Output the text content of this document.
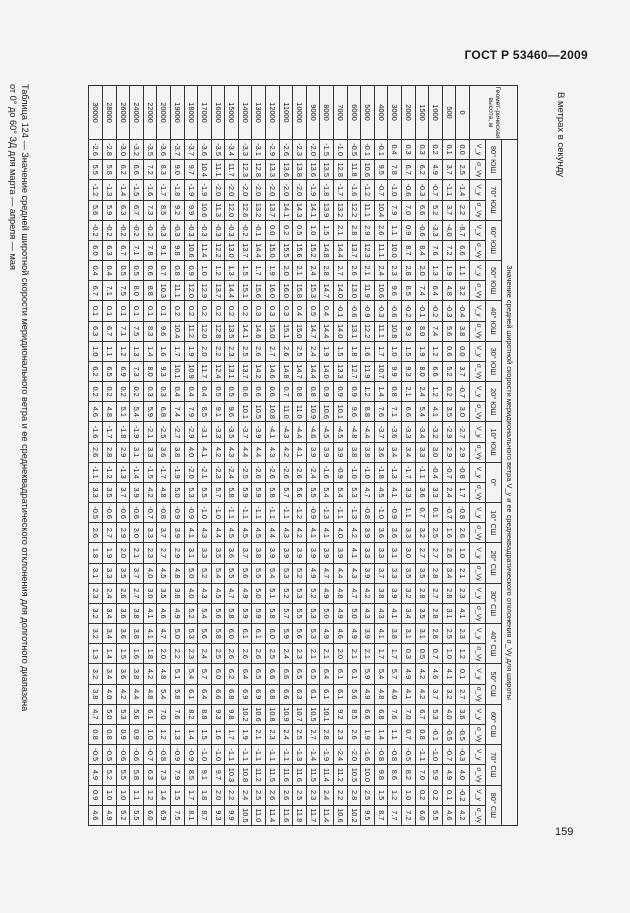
ГОСТ Р 53460—2009
Таблица 124 — Значение средней широтной скорости меридионального ветра и ее среднеквадратического отклонения для долготного диапазона
от 0° до 60° ЗД для марта — апреля — мая	В метрах в секунду
Геомет-рическая высота, м	Значение средней широтной скорости меридионального ветра V_y и ее среднеквадратического отклонения σ_Vy для широты																																	
	80° ЮШ		70° ЮШ		60° ЮШ		50° ЮШ		40° ЮШ		30° ЮШ		20° ЮШ		10° ЮШ		0°		10° СШ		20° СШ		30° СШ		40° СШ		50° СШ		60° СШ		70° СШ		80° СШ	
	V_y	σ_Vy	V_y	σ_Vy	V_y	σ_Vy	V_y	σ_Vy	V_y	σ_Vy	V_y	σ_Vy	V_y	σ_Vy	V_y	σ_Vy	V_y	σ_Vy	V_y	σ_Vy	V_y	σ_Vy	V_y	σ_Vy	V_y	σ_Vy	V_y	σ_Vy	V_y	σ_Vy	V_y	σ_Vy	V_y	σ_Vy
0	0.0	2.5	-1.4	2.2	-8.7	6.6	1.1	3.2	-0.4	3.8	0.0	3.7	-0.7	3.0	-2.7	2.9	-0.8	1.7	-0.8	2.6	1.0	2.1	2.3	4.1	2.3	1.2	0.1	2.7	3.6	-0.5	-0.3	4.0	-0.2	4.2
500	0.1	3.7	-1.1	3.7	-4.0	7.2	1.9	4.8	-0.3	5.6	0.6	5.2	0.2	3.5	-2.9	2.9	-0.7	2.4	-0.7	1.6	2.6	3.4	2.8	3.1	2.5	1.0	4.1	3.2	4.0	-0.5	-0.7	4.9	0.1	4.6
1000	0.2	4.9	-0.7	5.2	-3.3	7.6	1.3	6.4	-0.2	7.4	1.2	6.6	1.2	4.1	-3.2	3.0	-0.4	3.3	0.1	2.5	2.7	2.8	2.7	2.8	2.8	0.7	4.6	3.7	5.3	-0.1	-1.0	5.9	0.2	5.5
1500	0.3	6.2	-0.3	6.6	-0.6	8.4	2.0	7.4	-0.1	8.0	1.9	8.0	2.4	5.4	-3.4	3.3	-1.1	3.6	0.7	3.2	2.7	3.5	2.8	3.5	3.1	0.5	4.2	4.2	6.7	0.8	-1.1	7.0	0.2	6.0
2000	0.3	6.7	-0.6	7.0	0.9	8.7	2.8	8.5	-0.2	9.3	1.5	9.3	2.1	6.6	-3.3	3.4	-1.7	3.3	1.1	3.3	3.0	3.5	3.2	3.4	3.1	0.3	4.9	4.1	7.0	0.7	-0.5	8.2	1.0	7.2
3000	0.4	7.8	-1.0	7.9	1.1	10.0	2.3	9.6	-0.6	10.8	1.0	9.9	0.8	7.1	-3.6	3.4	-1.3	4.1	-0.9	3.6	3.1	3.3	3.9	4.1	3.8	1.7	5.7	4.0	7.6	1.1	-0.8	8.6	1.2	7.7
4000	-0.1	9.5	-0.7	10.4	2.6	11.1	2.4	10.6	-0.3	11.1	1.7	10.7	1.4	7.6	-3.7	3.6	-1.8	4.5	-1.0	3.6	3.3	3.7	3.8	4.3	4.1	1.7	5.4	4.8	6.8	1.4	-0.8	9.8	1.5	8.7
5000	-0.1	10.6	-1.2	11.1	2.9	12.3	2.1	11.9	-0.9	12.2	1.6	11.9	1.2	8.8	-4.4	3.8	-1.0	4.7	-0.8	3.9	3.3	3.9	4.2	4.3	3.9	2.1	5.9	4.9	6.6	1.9	-1.6	10.0	2.5	9.5
6000	-0.5	11.8	-1.6	12.2	2.8	13.7	2.6	13.0	-0.6	13.1	1.8	12.7	0.9	9.6	-4.8	3.8	-1.0	5.3	-1.3	4.2	4.1	4.3	4.7	5.0	4.9	2.1	6.1	5.6	8.5	2.6	-2.0	10.5	2.8	10.2
7000	-1.0	12.8	-1.7	13.2	2.1	14.4	2.7	14.0	-0.1	14.0	1.5	13.3	0.9	10.1	-4.5	3.9	-0.9	5.4	-1.1	4.0	3.9	4.4	4.8	4.9	4.6	2.0	6.1	6.1	9.2	2.3	-2.4	11.2	2.2	10.6
8000	-1.5	13.5	-1.8	13.9	1.5	14.8	2.8	14.7	0.4	14.4	1.9	14.0	0.9	10.6	-4.5	3.9	-1.6	5.4	-1.3	4.1	3.9	4.7	4.9	5.0	4.9	2.1	6.4	6.1	10.1	2.8	-1.9	11.4	2.4	11.4
9000	-2.0	13.6	-1.9	14.1	1.0	15.2	2.4	15.3	0.5	14.7	2.4	14.4	0.8	10.9	-4.6	3.9	-2.4	5.5	-0.9	4.1	3.9	4.9	5.2	5.3	5.3	2.1	6.5	6.1	10.5	2.7	-1.4	11.5	2.3	11.7
10000	-2.3	13.8	-2.0	14.3	0.5	15.6	2.1	15.8	0.4	15.0	2.5	14.7	0.8	11.0	-4.4	4.1	-2.6	5.6	-1.2	4.2	3.9	5.2	5.3	5.5	5.6	2.3	6.5	6.3	10.7	2.5	-1.3	11.6	2.5	11.8
11000	-2.6	13.6	-2.0	14.1	0.2	15.5	2.0	16.0	0.3	15.1	2.6	14.8	0.7	11.0	-4.3	4.2	-2.6	5.7	-1.1	4.3	3.9	5.3	5.2	5.7	5.9	2.4	6.6	6.6	10.9	2.4	-1.1	11.6	2.6	11.6
12000	-2.9	13.3	-2.0	13.7	0.0	15.0	1.9	16.0	0.3	15.0	2.7	14.6	0.6	10.8	-4.1	4.3	-2.6	5.8	-1.1	4.4	3.9	5.4	5.1	5.8	6.0	2.5	6.6	6.8	10.8	2.3	-1.1	11.5	2.6	11.4
13000	-3.1	12.8	-2.0	13.2	-0.1	14.4	1.7	15.6	0.3	14.6	2.6	14.2	0.6	10.5	-3.9	4.4	-2.6	5.9	-1.1	4.5	3.8	5.5	5.0	5.9	6.1	2.6	6.5	6.9	10.6	2.1	-1.1	11.2	2.5	11.0
14000	-3.3	12.3	-2.0	12.6	-0.2	13.7	1.5	15.1	0.2	14.1	2.5	13.7	0.6	10.1	-3.7	4.4	-2.5	5.9	-1.1	4.5	3.7	5.6	4.9	5.9	6.1	2.6	6.4	6.9	10.2	1.9	-1.1	10.8	2.4	10.5
15000	-3.4	11.7	-2.0	12.0	-0.3	13.0	1.3	14.4	0.2	13.5	2.3	13.1	0.5	9.6	-3.5	4.3	-2.4	5.8	-1.1	4.5	3.6	5.5	4.7	5.8	6.0	2.6	6.2	6.8	9.8	1.7	-1.1	10.3	2.2	9.9
16000	-3.5	11.1	-2.0	11.3	-0.3	12.2	1.2	13.7	0.2	12.8	2.2	12.4	0.5	9.1	-3.3	4.2	-2.3	5.7	-1.0	4.4	3.5	5.4	4.5	5.6	5.8	2.5	6.0	6.6	9.3	1.6	-1.0	9.7	2.0	9.3
17000	-3.6	10.4	-1.9	10.6	-0.3	11.4	1.0	12.9	0.2	12.0	2.0	11.7	0.4	8.5	-3.1	4.1	-2.1	5.5	-1.0	4.3	3.3	5.2	4.3	5.4	5.6	2.4	5.7	6.4	8.8	1.5	-1.0	9.1	1.8	8.7
18000	-3.7	9.7	-1.9	9.9	-0.3	10.6	0.9	12.0	0.2	11.2	1.9	10.9	0.4	7.9	-2.9	4.0	-2.0	5.3	-0.9	4.1	3.1	5.0	4.0	5.2	5.3	2.3	5.4	6.1	8.2	1.4	-0.9	8.5	1.7	8.1
19000	-3.7	9.0	-1.8	9.2	-0.3	9.8	0.8	11.1	0.2	10.4	1.7	10.1	0.4	7.4	-2.7	3.8	-1.9	5.0	-0.9	3.9	2.9	4.8	3.8	4.9	5.0	2.2	5.1	5.8	7.6	1.3	-0.9	7.9	1.5	7.5
20000	-3.6	8.3	-1.7	8.5	-0.3	9.1	0.7	10.3	0.1	9.6	1.6	9.3	0.3	6.8	-2.5	3.6	-1.7	4.8	-0.8	3.7	2.7	4.5	3.5	4.6	4.7	2.0	4.8	5.4	7.0	1.2	-0.8	7.3	1.4	6.9
22000	-3.5	7.2	-1.6	7.3	-0.2	7.8	0.6	8.8	0.1	8.3	1.4	8.0	0.3	5.9	-2.1	3.3	-1.5	4.2	-0.7	3.3	2.3	4.0	3.0	4.1	4.1	1.8	4.2	4.8	6.1	1.0	-0.7	6.3	1.2	6.0
24000	-3.2	6.6	-1.5	6.7	-0.2	7.1	0.5	8.0	0.1	7.5	1.3	7.3	0.2	5.4	-1.9	3.1	-1.4	3.9	-0.6	3.0	2.1	3.7	2.7	3.8	3.8	1.6	3.8	4.4	5.6	0.9	-0.6	5.8	1.1	5.5
26000	-3.0	6.2	-1.4	6.3	-0.2	6.7	0.5	7.5	0.1	7.1	1.2	6.9	0.2	5.1	-1.8	2.9	-1.3	3.7	-0.6	2.9	2.0	3.5	2.6	3.6	3.6	1.5	3.6	4.2	5.3	0.9	-0.6	5.5	1.0	5.2
28000	-2.8	5.8	-1.3	5.9	-0.2	6.3	0.4	7.1	0.1	6.7	1.1	6.5	0.2	4.8	-1.7	2.8	-1.2	3.5	-0.6	2.7	1.9	3.3	2.4	3.4	3.4	1.4	3.4	4.0	5.0	0.8	-0.5	5.2	1.0	4.9
30000	-2.6	5.5	-1.2	5.6	-0.2	6.0	0.4	6.7	0.1	6.3	1.0	6.2	0.2	4.6	-1.6	2.6	-1.1	3.3	-0.5	2.6	1.8	3.1	2.3	3.2	3.2	1.3	3.2	3.8	4.7	0.8	-0.5	4.9	0.9	4.6
159
